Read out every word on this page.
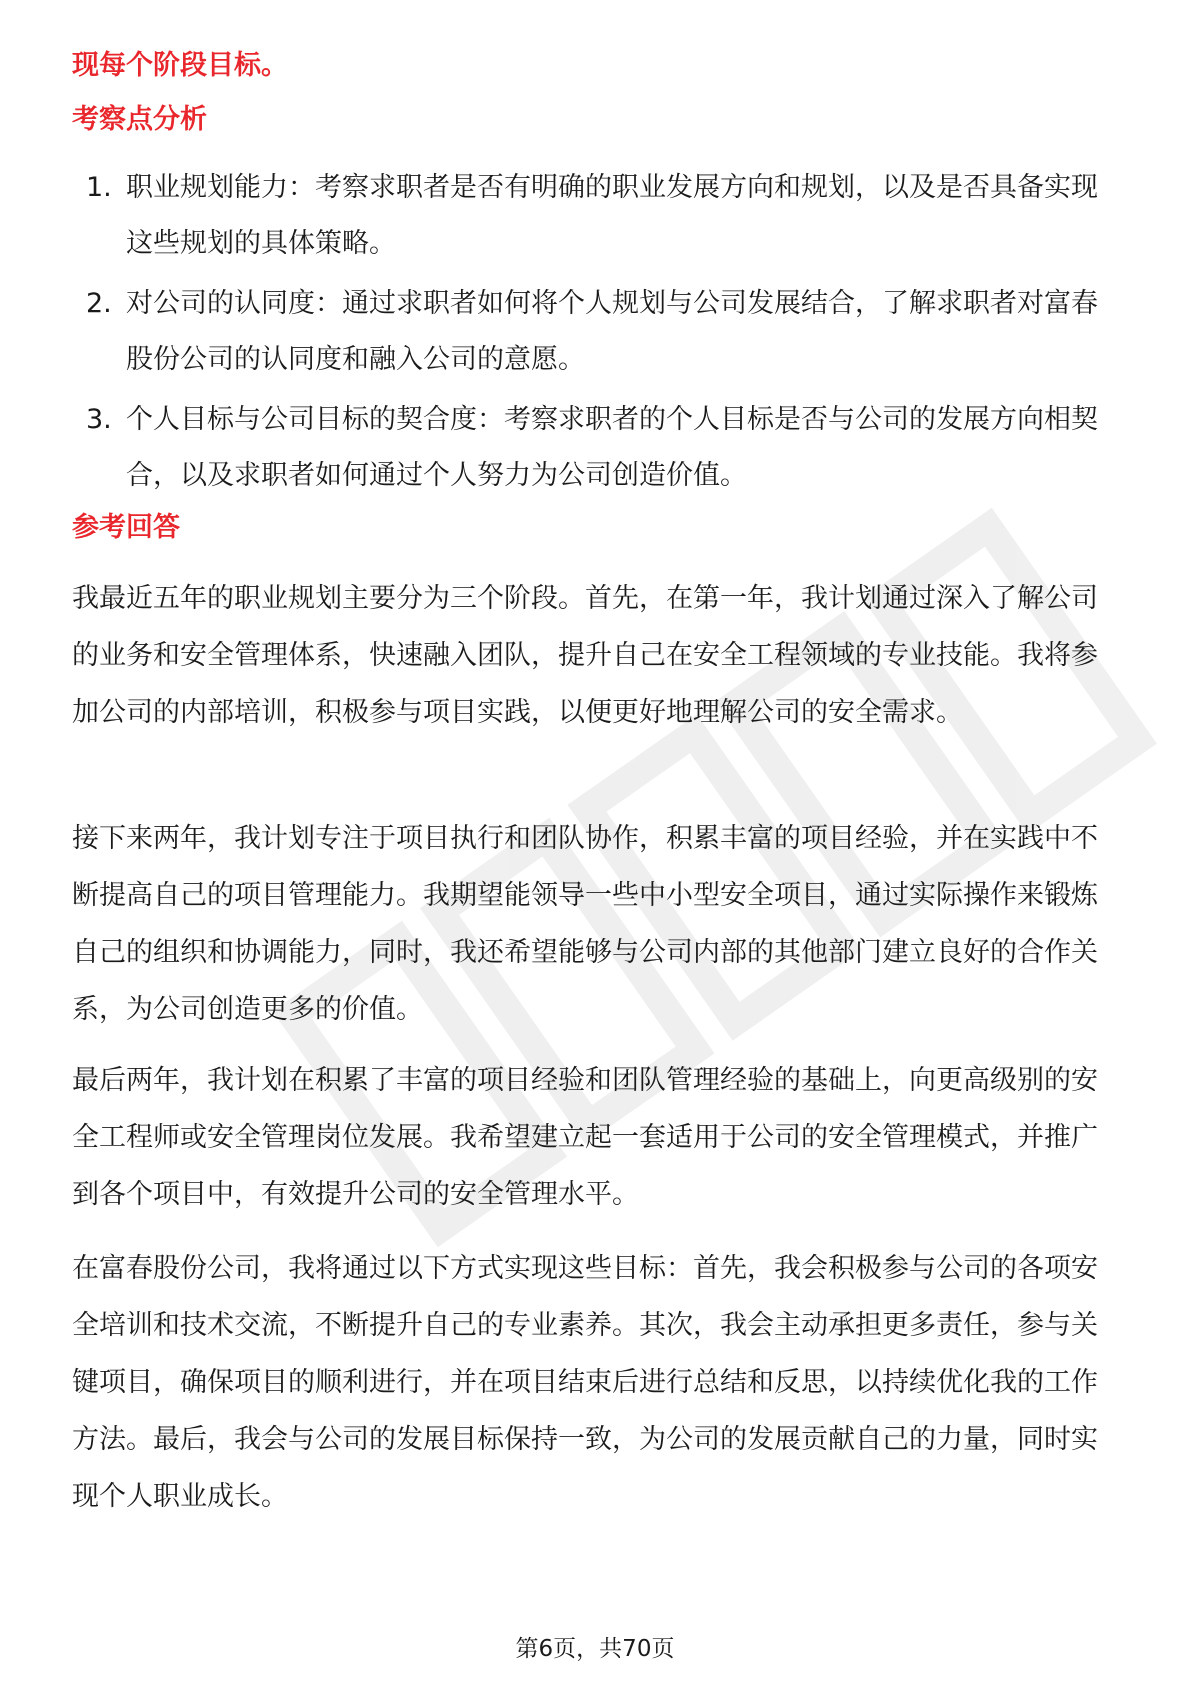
现每个阶段目标。
考察点分析
1. 职业规划能力：考察求职者是否有明确的职业发展方向和规划，以及是否具备实现这些规划的具体策略。
2. 对公司的认同度：通过求职者如何将个人规划与公司发展结合，了解求职者对富春股份公司的认同度和融入公司的意愿。
3. 个人目标与公司目标的契合度：考察求职者的个人目标是否与公司的发展方向相契合，以及求职者如何通过个人努力为公司创造价值。
参考回答

我最近五年的职业规划主要分为三个阶段。首先，在第一年，我计划通过深入了解公司的业务和安全管理体系，快速融入团队，提升自己在安全工程领域的专业技能。我将参加公司的内部培训，积极参与项目实践，以便更好地理解公司的安全需求。

接下来两年，我计划专注于项目执行和团队协作，积累丰富的项目经验，并在实践中不断提高自己的项目管理能力。我期望能领导一些中小型安全项目，通过实际操作来锻炼自己的组织和协调能力，同时，我还希望能够与公司内部的其他部门建立良好的合作关系，为公司创造更多的价值。

最后两年，我计划在积累了丰富的项目经验和团队管理经验的基础上，向更高级别的安全工程师或安全管理岗位发展。我希望建立起一套适用于公司的安全管理模式，并推广到各个项目中，有效提升公司的安全管理水平。

在富春股份公司，我将通过以下方式实现这些目标：首先，我会积极参与公司的各项安全培训和技术交流，不断提升自己的专业素养。其次，我会主动承担更多责任，参与关键项目，确保项目的顺利进行，并在项目结束后进行总结和反思，以持续优化我的工作方法。最后，我会与公司的发展目标保持一致，为公司的发展贡献自己的力量，同时实现个人职业成长。

第6页，共70页
